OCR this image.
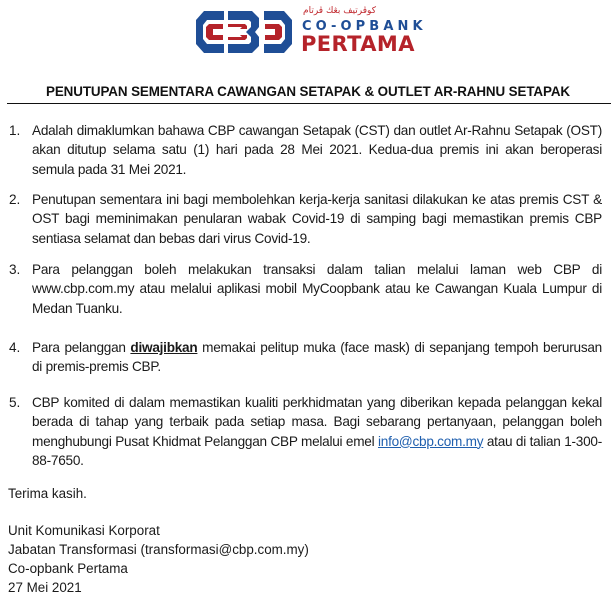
كوڤرتيف بڠك ڤرتام
CO-OPBANK
PERTAMA
PENUTUPAN SEMENTARA CAWANGAN SETAPAK & OUTLET AR-RAHNU SETAPAK
1. Adalah dimaklumkan bahawa CBP cawangan Setapak (CST) dan outlet Ar-Rahnu Setapak (OST) akan ditutup selama satu (1) hari pada 28 Mei 2021. Kedua-dua premis ini akan beroperasi semula pada 31 Mei 2021.
2. Penutupan sementara ini bagi membolehkan kerja-kerja sanitasi dilakukan ke atas premis CST & OST bagi meminimakan penularan wabak Covid-19 di samping bagi memastikan premis CBP sentiasa selamat dan bebas dari virus Covid-19.
3. Para pelanggan boleh melakukan transaksi dalam talian melalui laman web CBP di www.cbp.com.my atau melalui aplikasi mobil MyCoopbank atau ke Cawangan Kuala Lumpur di Medan Tuanku.
4. Para pelanggan diwajibkan memakai pelitup muka (face mask) di sepanjang tempoh berurusan di premis-premis CBP.
5. CBP komited di dalam memastikan kualiti perkhidmatan yang diberikan kepada pelanggan kekal berada di tahap yang terbaik pada setiap masa. Bagi sebarang pertanyaan, pelanggan boleh menghubungi Pusat Khidmat Pelanggan CBP melalui emel info@cbp.com.my atau di talian 1-300-88-7650.
Terima kasih.
Unit Komunikasi Korporat
Jabatan Transformasi (transformasi@cbp.com.my)
Co-opbank Pertama
27 Mei 2021
